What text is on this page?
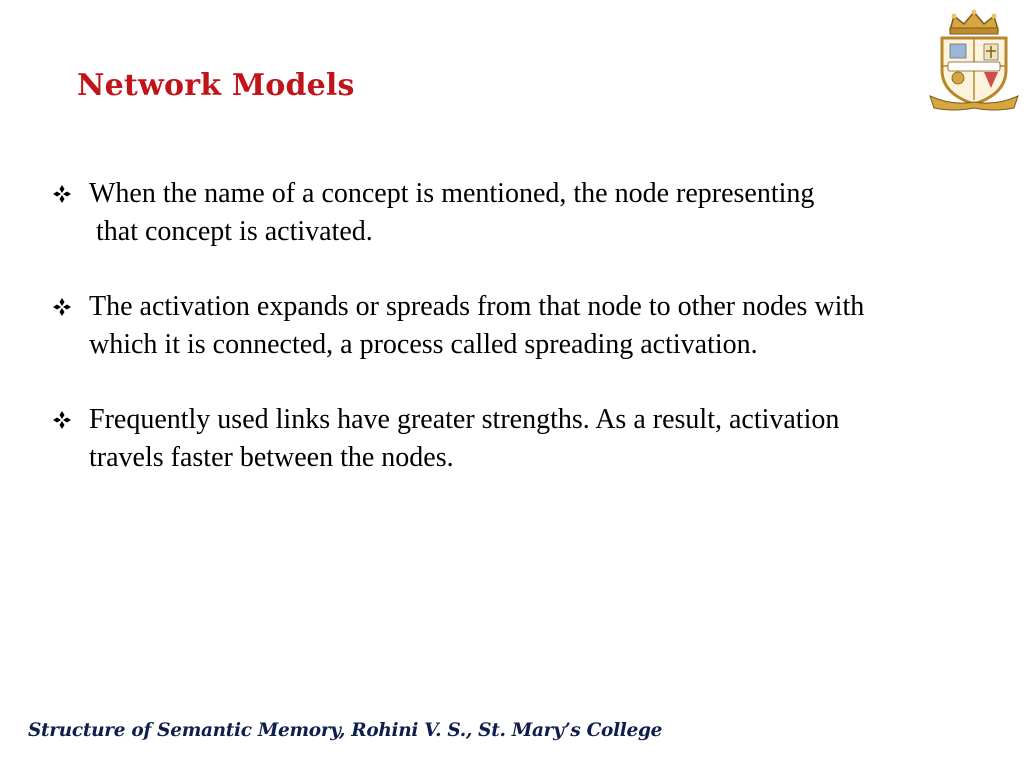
Network Models
When the name of a concept is mentioned, the node representing
that concept is activated.
The activation expands or spreads from that node to other nodes with
which it is connected, a process called spreading activation.
Frequently used links have greater strengths. As a result, activation
travels faster between the nodes.

Structure of Semantic Memory, Rohini V. S., St. Mary’s College
